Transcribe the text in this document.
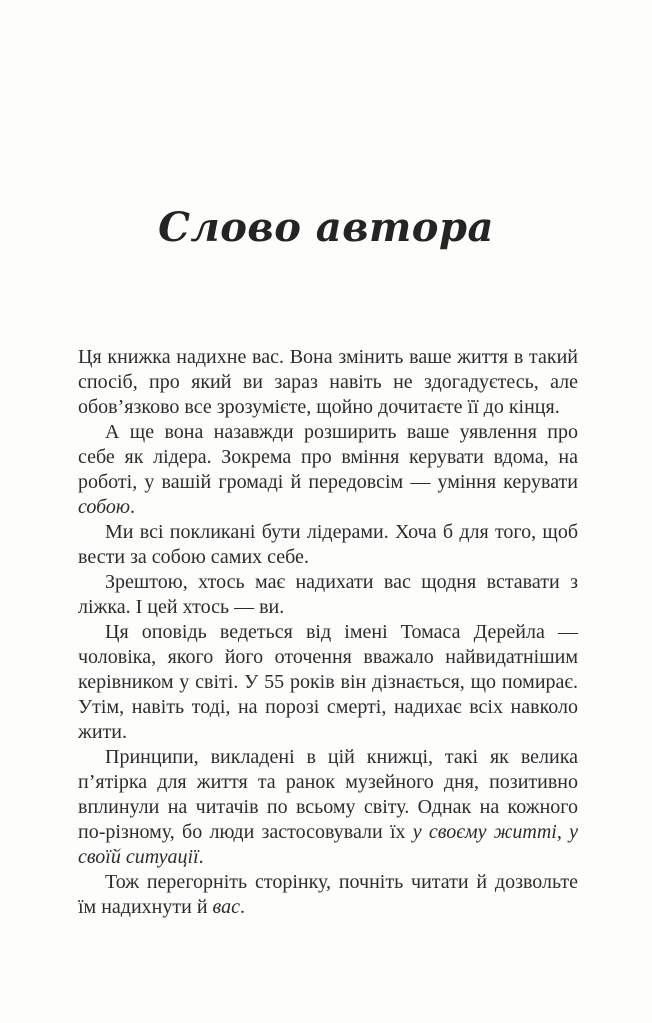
Слово автора

Ця книжка надихне вас. Вона змінить ваше життя в такий спосіб, про який ви зараз навіть не здогадуєтесь, але обов’язково все зрозумієте, щойно дочитаєте її до кінця.

А ще вона назавжди розширить ваше уявлення про себе як лідера. Зокрема про вміння керувати вдома, на роботі, у вашій громаді й передовсім — уміння керувати собою.

Ми всі покликані бути лідерами. Хоча б для того, щоб вести за собою самих себе.

Зрештою, хтось має надихати вас щодня вставати з ліжка. І цей хтось — ви.

Ця оповідь ведеться від імені Томаса Дерейла — чоловіка, якого його оточення вважало найвидатнішим керівником у світі. У 55 років він дізнається, що помирає. Утім, навіть тоді, на порозі смерті, надихає всіх навколо жити.

Принципи, викладені в цій книжці, такі як велика п’ятірка для життя та ранок музейного дня, позитивно вплинули на читачів по всьому світу. Однак на кожного по-різному, бо люди застосовували їх у своєму житті, у своїй ситуації.

Тож перегорніть сторінку, почніть читати й дозвольте їм надихнути й вас.
